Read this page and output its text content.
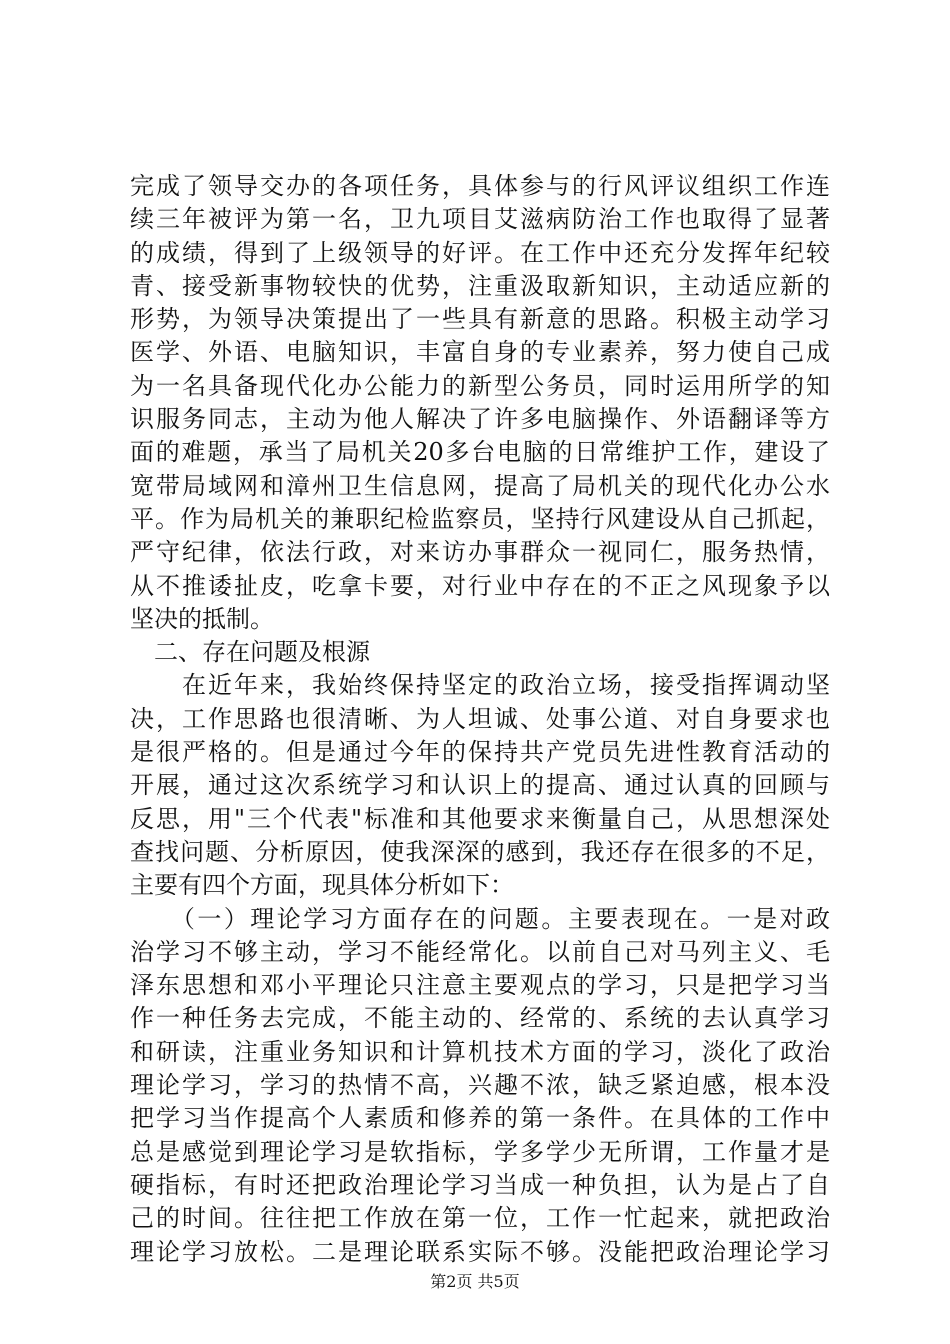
完成了领导交办的各项任务，具体参与的行风评议组织工作连
续三年被评为第一名，卫九项目艾滋病防治工作也取得了显著
的成绩，得到了上级领导的好评。在工作中还充分发挥年纪较
青、接受新事物较快的优势，注重汲取新知识，主动适应新的
形势，为领导决策提出了一些具有新意的思路。积极主动学习
医学、外语、电脑知识，丰富自身的专业素养，努力使自己成
为一名具备现代化办公能力的新型公务员，同时运用所学的知
识服务同志，主动为他人解决了许多电脑操作、外语翻译等方
面的难题，承当了局机关20多台电脑的日常维护工作，建设了
宽带局域网和漳州卫生信息网，提高了局机关的现代化办公水
平。作为局机关的兼职纪检监察员，坚持行风建设从自己抓起，
严守纪律，依法行政，对来访办事群众一视同仁，服务热情，
从不推诿扯皮，吃拿卡要，对行业中存在的不正之风现象予以
坚决的抵制。
　二、存在问题及根源
　　在近年来，我始终保持坚定的政治立场，接受指挥调动坚
决，工作思路也很清晰、为人坦诚、处事公道、对自身要求也
是很严格的。但是通过今年的保持共产党员先进性教育活动的
开展，通过这次系统学习和认识上的提高、通过认真的回顾与
反思，用"三个代表"标准和其他要求来衡量自己，从思想深处
查找问题、分析原因，使我深深的感到，我还存在很多的不足，
主要有四个方面，现具体分析如下：
　　（一）理论学习方面存在的问题。主要表现在。一是对政
治学习不够主动，学习不能经常化。以前自己对马列主义、毛
泽东思想和邓小平理论只注意主要观点的学习，只是把学习当
作一种任务去完成，不能主动的、经常的、系统的去认真学习
和研读，注重业务知识和计算机技术方面的学习，淡化了政治
理论学习，学习的热情不高，兴趣不浓，缺乏紧迫感，根本没
把学习当作提高个人素质和修养的第一条件。在具体的工作中
总是感觉到理论学习是软指标，学多学少无所谓，工作量才是
硬指标，有时还把政治理论学习当成一种负担，认为是占了自
己的时间。往往把工作放在第一位，工作一忙起来，就把政治
理论学习放松。二是理论联系实际不够。没能把政治理论学习
第2页 共5页
